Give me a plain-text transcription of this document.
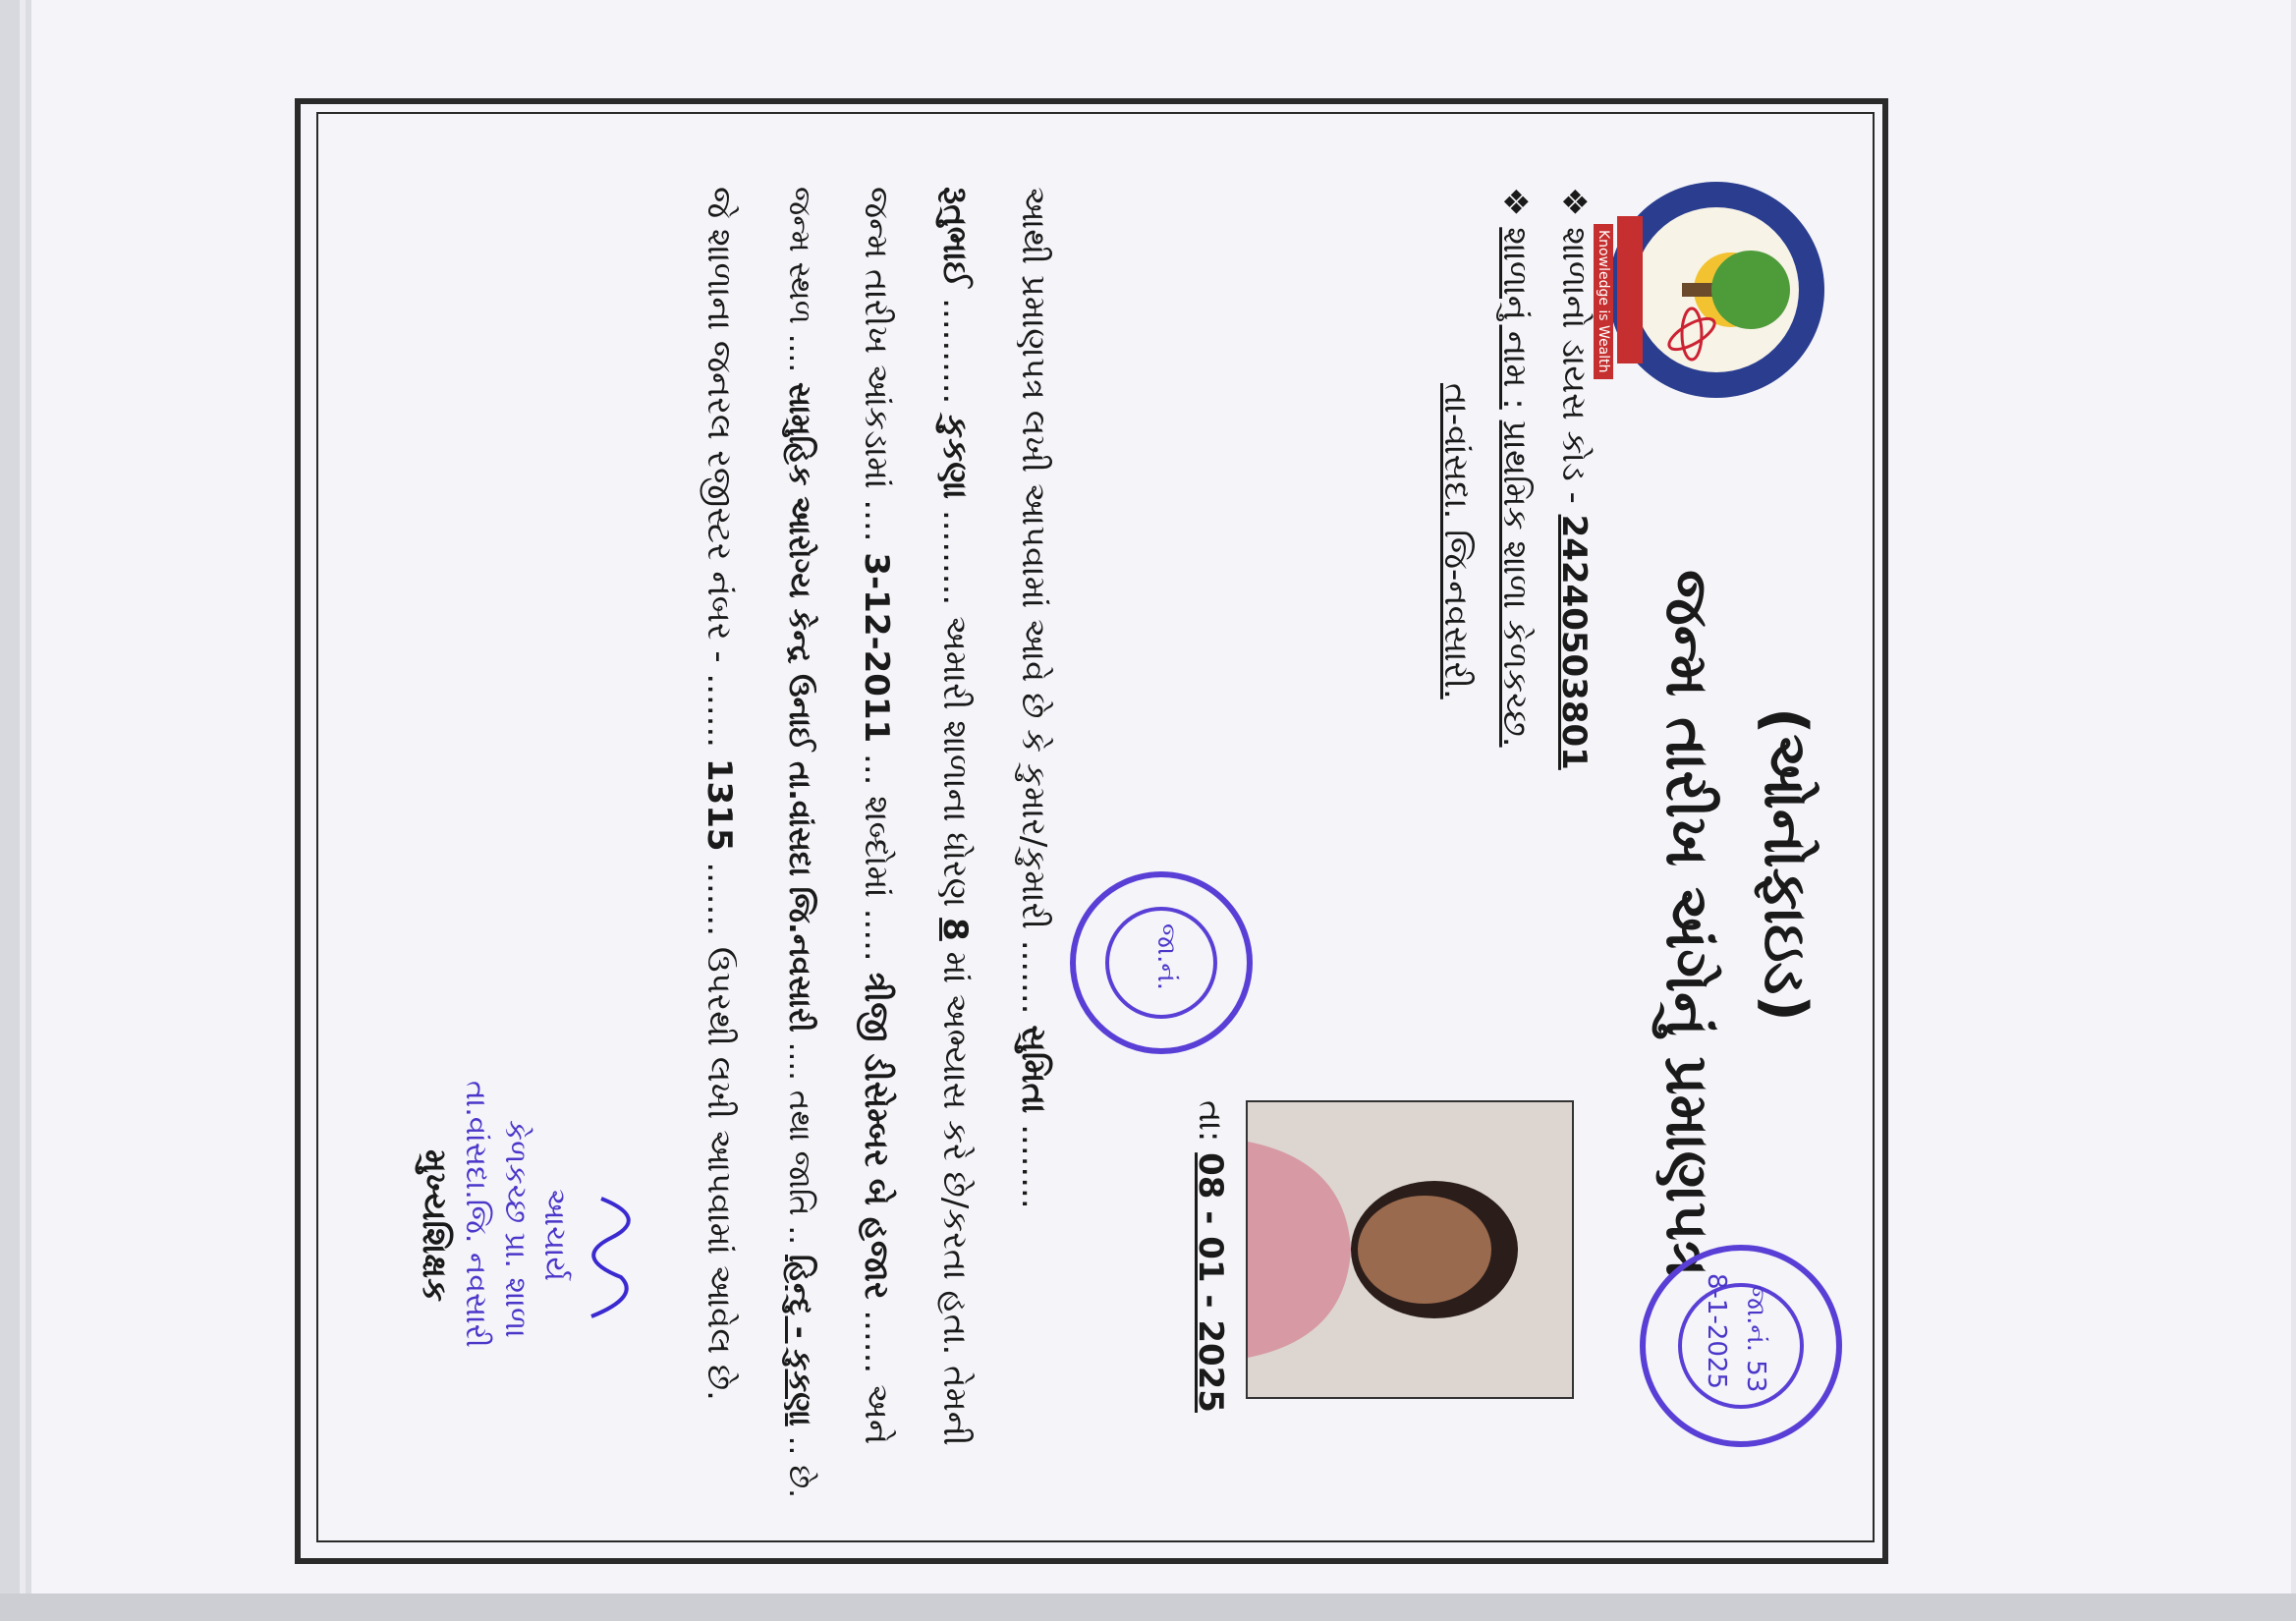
Knowledge is Wealth
(ઓનોફાઇડ)
જન્મ તારીખ અંગેનું પ્રમાણપત્ર
❖ શાળાનો ડાયસ કોડ - 24240503801
❖ શાળાનું નામ : પ્રાથમિક શાળા કેળકચ્છ.
તા-વાંસદા. જિ-નવસારી.
તા: 08 - 01 - 2025	જા.નં. 53
8-1-2025
જા.નં.
આથી પ્રમાણપત્ર લખી આપવામાં આવે છે કે કુમાર/કુમારી ....... સુમિતા ........
રૂતુભાઈ .......... કુકણા ......... અમારી શાળાના ધોરણ 8 માં અભ્યાસ કરે છે/કરતા હતા. તેમની
જન્મ તારીખ આંકડામાં .... 3-12-2011 ... શબ્દોમાં ..... ત્રીજી ડીસેમ્બર બે હજાર ...... અને
જન્મ સ્થળ .... સામુહિક આરોગ્ય કેન્દ્ર ઉનાઈ તા.વાંસદા જિ.નવસારી .... તથા જાતિ .. હિન્દુ - કુકણા .. છે.
જે શાળાના જનરલ રજીસ્ટર નંબર - ....... 1315 ....... ઉપરથી લખી આપવામાં આવેલ છે.
આચાર્ય
કેળકચ્છ પ્રા. શાળા
તા.વાંસદા.જિ. નવસારી
મુખ્યશિક્ષક
